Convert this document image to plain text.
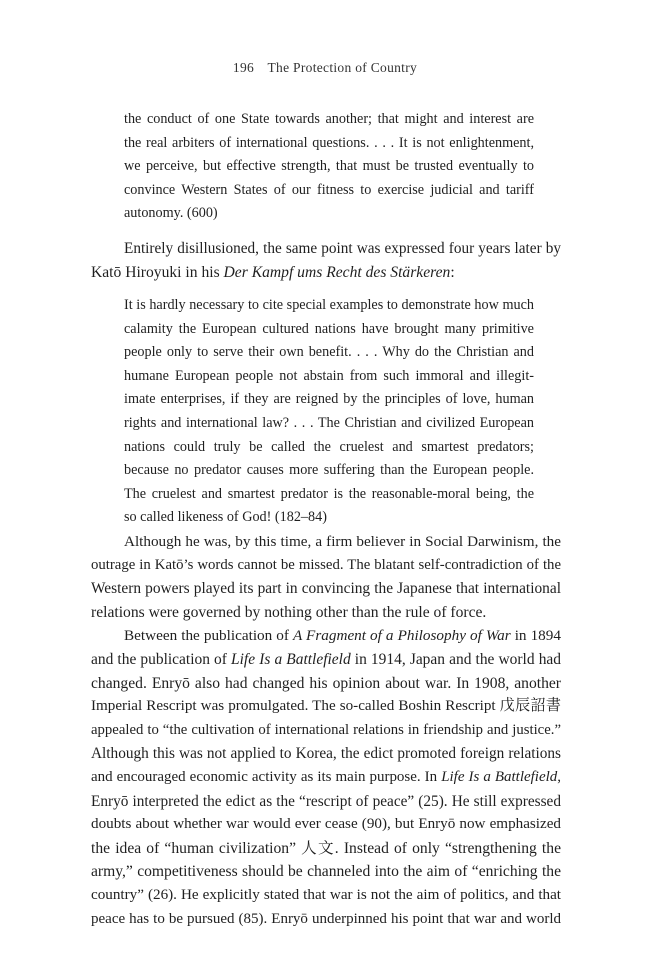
196 The Protection of Country
the conduct of one State towards another; that might and interest are
the real arbiters of international questions. . . . It is not enlightenment,
we perceive, but effective strength, that must be trusted eventually to
convince Western States of our fitness to exercise judicial and tariff
autonomy. (600)
Entirely disillusioned, the same point was expressed four years later by
Katō Hiroyuki in his Der Kampf ums Recht des Stärkeren:
It is hardly necessary to cite special examples to demonstrate how much
calamity the European cultured nations have brought many primitive
people only to serve their own benefit. . . . Why do the Christian and
humane European people not abstain from such immoral and illegit-
imate enterprises, if they are reigned by the principles of love, human
rights and international law? . . . The Christian and civilized European
nations could truly be called the cruelest and smartest predators;
because no predator causes more suffering than the European people.
The cruelest and smartest predator is the reasonable-moral being, the
so called likeness of God! (182–84)
Although he was, by this time, a firm believer in Social Darwinism, the
outrage in Katō’s words cannot be missed. The blatant self-contradiction of the
Western powers played its part in convincing the Japanese that international
relations were governed by nothing other than the rule of force.
Between the publication of A Fragment of a Philosophy of War in 1894
and the publication of Life Is a Battlefield in 1914, Japan and the world had
changed. Enryō also had changed his opinion about war. In 1908, another
Imperial Rescript was promulgated. The so-called Boshin Rescript 戊辰詔書
appealed to “the cultivation of international relations in friendship and justice.”
Although this was not applied to Korea, the edict promoted foreign relations
and encouraged economic activity as its main purpose. In Life Is a Battlefield,
Enryō interpreted the edict as the “rescript of peace” (25). He still expressed
doubts about whether war would ever cease (90), but Enryō now emphasized
the idea of “human civilization” 人文. Instead of only “strengthening the
army,” competitiveness should be channeled into the aim of “enriching the
country” (26). He explicitly stated that war is not the aim of politics, and that
peace has to be pursued (85). Enryō underpinned his point that war and world
